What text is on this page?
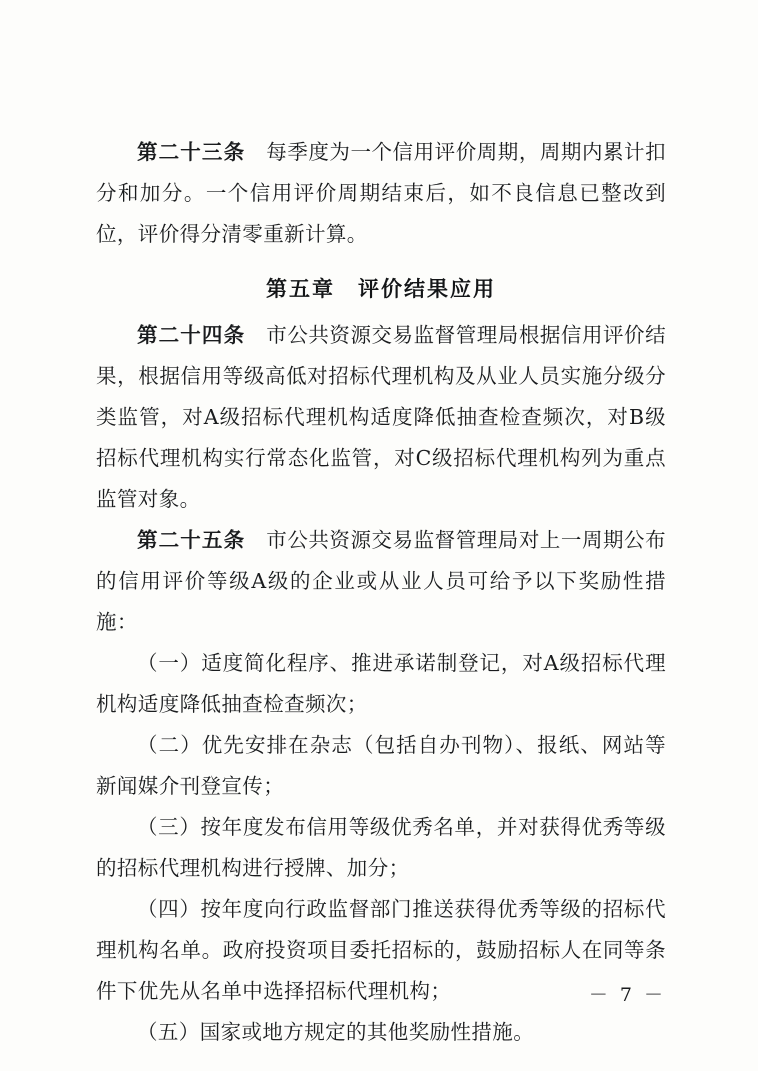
第二十三条　每季度为一个信用评价周期，周期内累计扣分和加分。一个信用评价周期结束后，如不良信息已整改到位，评价得分清零重新计算。

第五章　评价结果应用

第二十四条　市公共资源交易监督管理局根据信用评价结果，根据信用等级高低对招标代理机构及从业人员实施分级分类监管，对A级招标代理机构适度降低抽查检查频次，对B级招标代理机构实行常态化监管，对C级招标代理机构列为重点监管对象。

第二十五条　市公共资源交易监督管理局对上一周期公布的信用评价等级A级的企业或从业人员可给予以下奖励性措施：

（一）适度简化程序、推进承诺制登记，对A级招标代理机构适度降低抽查检查频次；

（二）优先安排在杂志（包括自办刊物）、报纸、网站等新闻媒介刊登宣传；

（三）按年度发布信用等级优秀名单，并对获得优秀等级的招标代理机构进行授牌、加分；

（四）按年度向行政监督部门推送获得优秀等级的招标代理机构名单。政府投资项目委托招标的，鼓励招标人在同等条件下优先从名单中选择招标代理机构；

（五）国家或地方规定的其他奖励性措施。

－ 7 －
